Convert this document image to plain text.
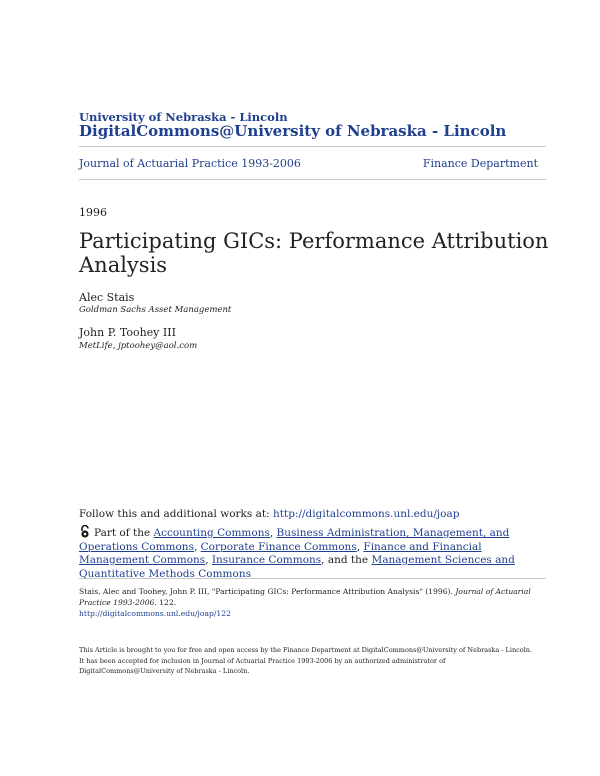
University of Nebraska - Lincoln
DigitalCommons@University of Nebraska - Lincoln
Journal of Actuarial Practice 1993-2006	Finance Department
1996
Participating GICs: Performance Attribution Analysis
Alec Stais
Goldman Sachs Asset Management
John P. Toohey III
MetLife, jptoohey@aol.com
Follow this and additional works at: http://digitalcommons.unl.edu/joap
Part of the Accounting Commons, Business Administration, Management, and Operations Commons, Corporate Finance Commons, Finance and Financial Management Commons, Insurance Commons, and the Management Sciences and Quantitative Methods Commons
Stais, Alec and Toohey, John P. III, "Participating GICs: Performance Attribution Analysis" (1996). Journal of Actuarial Practice 1993-2006. 122.
http://digitalcommons.unl.edu/joap/122
This Article is brought to you for free and open access by the Finance Department at DigitalCommons@University of Nebraska - Lincoln. It has been accepted for inclusion in Journal of Actuarial Practice 1993-2006 by an authorized administrator of DigitalCommons@University of Nebraska - Lincoln.
